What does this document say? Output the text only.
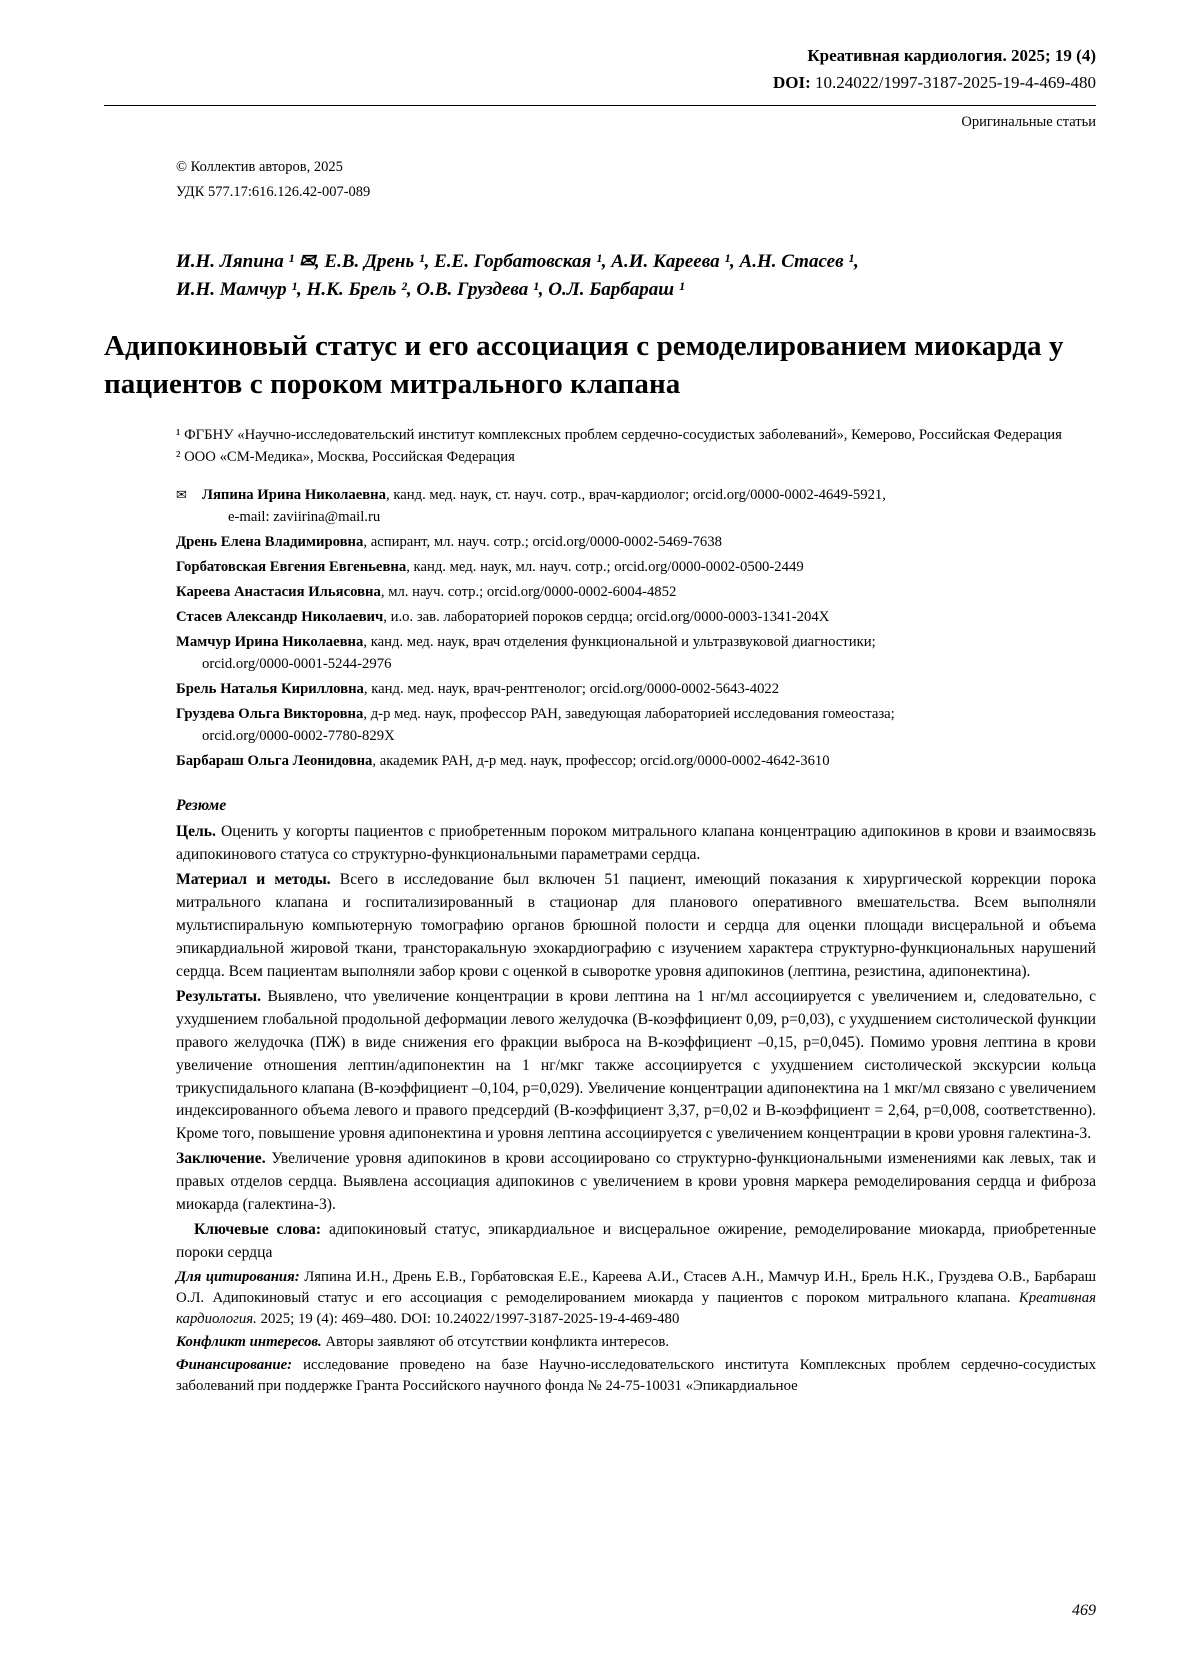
Креативная кардиология. 2025; 19 (4)
DOI: 10.24022/1997-3187-2025-19-4-469-480
Оригинальные статьи
© Коллектив авторов, 2025
УДК 577.17:616.126.42-007-089
И.Н. Ляпина ¹ ✉, Е.В. Дрень ¹, Е.Е. Горбатовская ¹, А.И. Кареева ¹, А.Н. Стасев ¹,
И.Н. Мамчур ¹, Н.К. Брель ², О.В. Груздева ¹, О.Л. Барбараш ¹
Адипокиновый статус и его ассоциация с ремоделированием миокарда у пациентов с пороком митрального клапана
¹ ФГБНУ «Научно-исследовательский институт комплексных проблем сердечно-сосудистых заболеваний», Кемерово, Российская Федерация
² ООО «СМ-Медика», Москва, Российская Федерация
✉ Ляпина Ирина Николаевна, канд. мед. наук, ст. науч. сотр., врач-кардиолог; orcid.org/0000-0002-4649-5921,
e-mail: zaviirina@mail.ru
Дрень Елена Владимировна, аспирант, мл. науч. сотр.; orcid.org/0000-0002-5469-7638
Горбатовская Евгения Евгеньевна, канд. мед. наук, мл. науч. сотр.; orcid.org/0000-0002-0500-2449
Кареева Анастасия Ильясовна, мл. науч. сотр.; orcid.org/0000-0002-6004-4852
Стасев Александр Николаевич, и.о. зав. лабораторией пороков сердца; orcid.org/0000-0003-1341-204X
Мамчур Ирина Николаевна, канд. мед. наук, врач отделения функциональной и ультразвуковой диагностики;
orcid.org/0000-0001-5244-2976
Брель Наталья Кирилловна, канд. мед. наук, врач-рентгенолог; orcid.org/0000-0002-5643-4022
Груздева Ольга Викторовна, д-р мед. наук, профессор РАН, заведующая лабораторией исследования гомеостаза;
orcid.org/0000-0002-7780-829X
Барбараш Ольга Леонидовна, академик РАН, д-р мед. наук, профессор; orcid.org/0000-0002-4642-3610
Резюме

Цель. Оценить у когорты пациентов с приобретенным пороком митрального клапана концентрацию адипокинов в крови и взаимосвязь адипокинового статуса со структурно-функциональными параметрами сердца.

Материал и методы. Всего в исследование был включен 51 пациент, имеющий показания к хирургической коррекции порока митрального клапана и госпитализированный в стационар для планового оперативного вмешательства. Всем выполняли мультиспиральную компьютерную томографию органов брюшной полости и сердца для оценки площади висцеральной и объема эпикардиальной жировой ткани, трансторакальную эхокардиографию с изучением характера структурно-функциональных нарушений сердца. Всем пациентам выполняли забор крови с оценкой в сыворотке уровня адипокинов (лептина, резистина, адипонектина).

Результаты. Выявлено, что увеличение концентрации в крови лептина на 1 нг/мл ассоциируется с увеличением и, следовательно, с ухудшением глобальной продольной деформации левого желудочка (В-коэффициент 0,09, р=0,03), с ухудшением систолической функции правого желудочка (ПЖ) в виде снижения его фракции выброса на В-коэффициент –0,15, р=0,045). Помимо уровня лептина в крови увеличение отношения лептин/адипонектин на 1 нг/мкг также ассоциируется с ухудшением систолической экскурсии кольца трикуспидального клапана (В-коэффициент –0,104, р=0,029). Увеличение концентрации адипонектина на 1 мкг/мл связано с увеличением индексированного объема левого и правого предсердий (В-коэффициент 3,37, р=0,02 и В-коэффициент = 2,64, р=0,008, соответственно). Кроме того, повышение уровня адипонектина и уровня лептина ассоциируется с увеличением концентрации в крови уровня галектина-3.

Заключение. Увеличение уровня адипокинов в крови ассоциировано со структурно-функциональными изменениями как левых, так и правых отделов сердца. Выявлена ассоциация адипокинов с увеличением в крови уровня маркера ремоделирования сердца и фиброза миокарда (галектина-3).

Ключевые слова: адипокиновый статус, эпикардиальное и висцеральное ожирение, ремоделирование миокарда, приобретенные пороки сердца

Для цитирования: Ляпина И.Н., Дрень Е.В., Горбатовская Е.Е., Кареева А.И., Стасев А.Н., Мамчур И.Н., Брель Н.К., Груздева О.В., Барбараш О.Л. Адипокиновый статус и его ассоциация с ремоделированием миокарда у пациентов с пороком митрального клапана. Креативная кардиология. 2025; 19 (4): 469–480. DOI: 10.24022/1997-3187-2025-19-4-469-480

Конфликт интересов. Авторы заявляют об отсутствии конфликта интересов.

Финансирование: исследование проведено на базе Научно-исследовательского института Комплексных проблем сердечно-сосудистых заболеваний при поддержке Гранта Российского научного фонда № 24-75-10031 «Эпикардиальное

469
